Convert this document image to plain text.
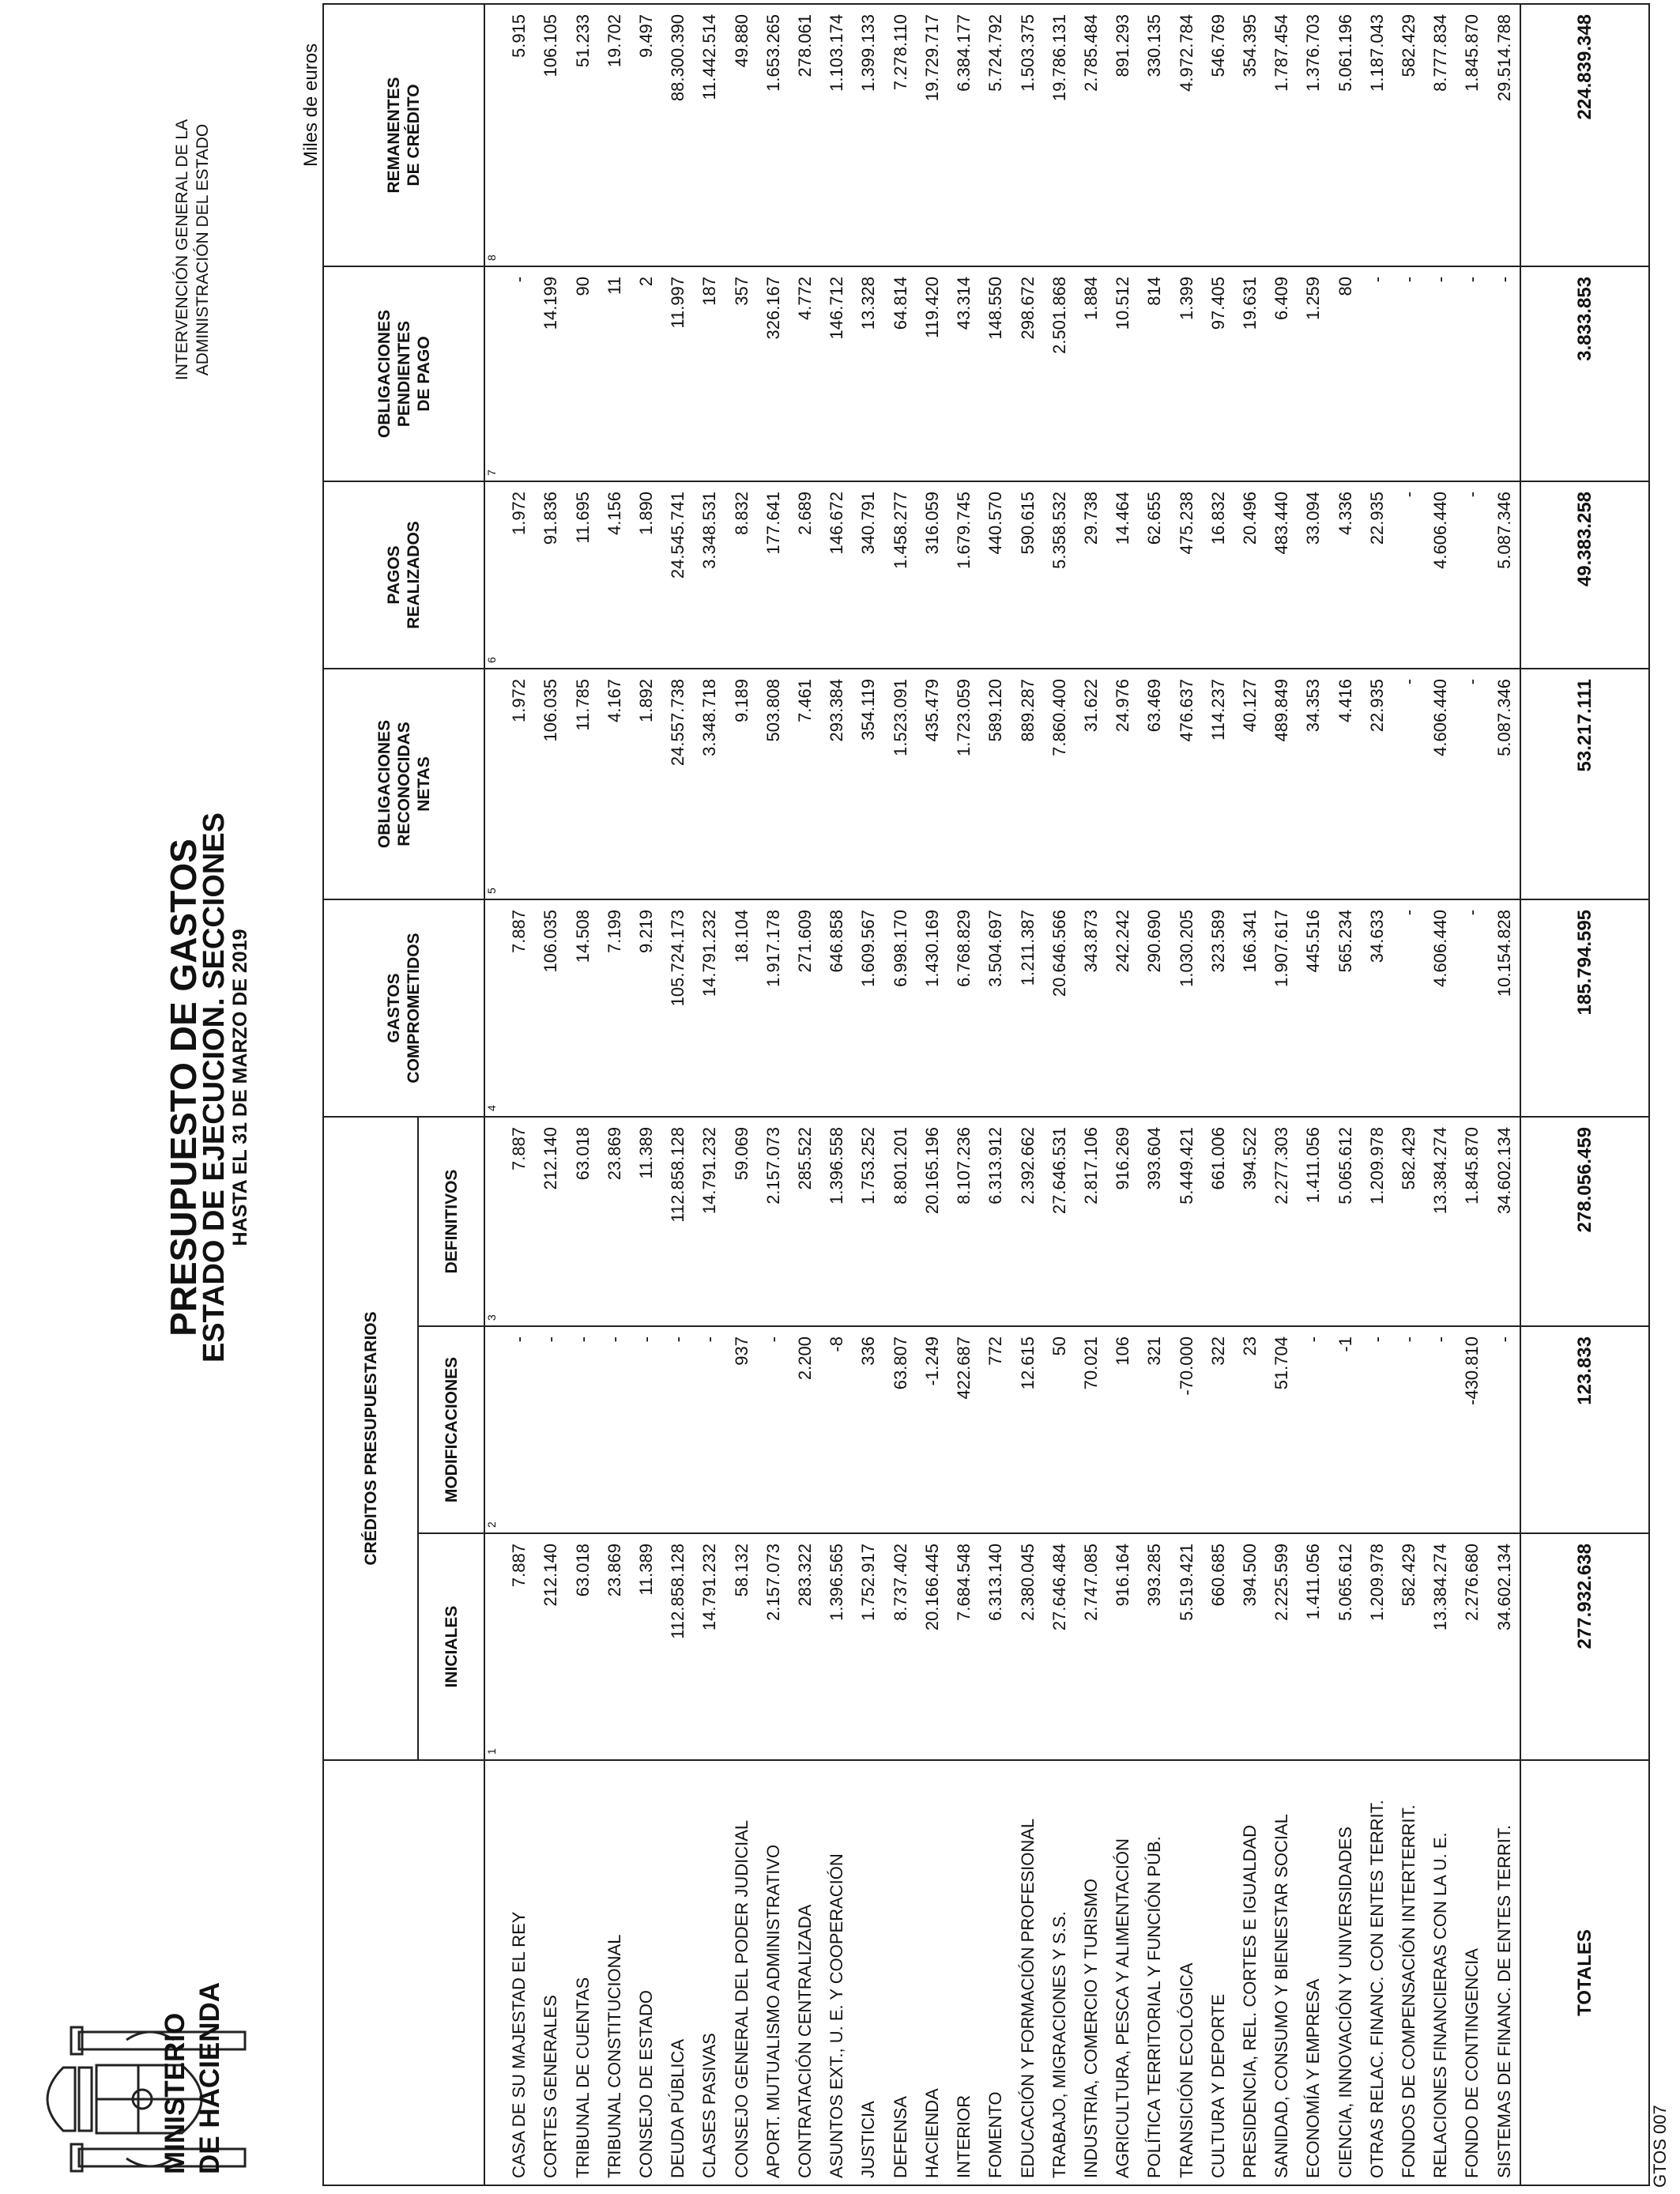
MINISTERIO
DE HACIENDA
PRESUPUESTO DE GASTOS
ESTADO DE EJECUCION. SECCIONES
HASTA EL 31 DE MARZO DE 2019
INTERVENCIÓN GENERAL DE LA
ADMINISTRACIÓN DEL ESTADO	Miles de euros
	CRÉDITOS PRESUPUESTARIOS			GASTOS
COMPROMETIDOS	OBLIGACIONES
RECONOCIDAS
NETAS	PAGOS
REALIZADOS	OBLIGACIONES
PENDIENTES
DE PAGO	REMANENTES
DE CRÉDITO
	INICIALES	MODIFICACIONES	DEFINITIVOS					
	1	2	3	4	5	6	7	8
CASA DE SU MAJESTAD EL REY	7.887	-	7.887	7.887	1.972	1.972	-	5.915
CORTES GENERALES	212.140	-	212.140	106.035	106.035	91.836	14.199	106.105
TRIBUNAL DE CUENTAS	63.018	-	63.018	14.508	11.785	11.695	90	51.233
TRIBUNAL CONSTITUCIONAL	23.869	-	23.869	7.199	4.167	4.156	11	19.702
CONSEJO DE ESTADO	11.389	-	11.389	9.219	1.892	1.890	2	9.497
DEUDA PÚBLICA	112.858.128	-	112.858.128	105.724.173	24.557.738	24.545.741	11.997	88.300.390
CLASES PASIVAS	14.791.232	-	14.791.232	14.791.232	3.348.718	3.348.531	187	11.442.514
CONSEJO GENERAL DEL PODER JUDICIAL	58.132	937	59.069	18.104	9.189	8.832	357	49.880
APORT. MUTUALISMO ADMINISTRATIVO	2.157.073	-	2.157.073	1.917.178	503.808	177.641	326.167	1.653.265
CONTRATACIÓN CENTRALIZADA	283.322	2.200	285.522	271.609	7.461	2.689	4.772	278.061
ASUNTOS EXT., U. E. Y COOPERACIÓN	1.396.565	-8	1.396.558	646.858	293.384	146.672	146.712	1.103.174
JUSTICIA	1.752.917	336	1.753.252	1.609.567	354.119	340.791	13.328	1.399.133
DEFENSA	8.737.402	63.807	8.801.201	6.998.170	1.523.091	1.458.277	64.814	7.278.110
HACIENDA	20.166.445	-1.249	20.165.196	1.430.169	435.479	316.059	119.420	19.729.717
INTERIOR	7.684.548	422.687	8.107.236	6.768.829	1.723.059	1.679.745	43.314	6.384.177
FOMENTO	6.313.140	772	6.313.912	3.504.697	589.120	440.570	148.550	5.724.792
EDUCACIÓN Y FORMACIÓN PROFESIONAL	2.380.045	12.615	2.392.662	1.211.387	889.287	590.615	298.672	1.503.375
TRABAJO, MIGRACIONES Y S.S.	27.646.484	50	27.646.531	20.646.566	7.860.400	5.358.532	2.501.868	19.786.131
INDUSTRIA, COMERCIO Y TURISMO	2.747.085	70.021	2.817.106	343.873	31.622	29.738	1.884	2.785.484
AGRICULTURA, PESCA Y ALIMENTACIÓN	916.164	106	916.269	242.242	24.976	14.464	10.512	891.293
POLÍTICA TERRITORIAL Y FUNCIÓN PÚB.	393.285	321	393.604	290.690	63.469	62.655	814	330.135
TRANSICIÓN ECOLÓGICA	5.519.421	-70.000	5.449.421	1.030.205	476.637	475.238	1.399	4.972.784
CULTURA Y DEPORTE	660.685	322	661.006	323.589	114.237	16.832	97.405	546.769
PRESIDENCIA, REL. CORTES E IGUALDAD	394.500	23	394.522	166.341	40.127	20.496	19.631	354.395
SANIDAD, CONSUMO Y BIENESTAR SOCIAL	2.225.599	51.704	2.277.303	1.907.617	489.849	483.440	6.409	1.787.454
ECONOMÍA Y EMPRESA	1.411.056	-	1.411.056	445.516	34.353	33.094	1.259	1.376.703
CIENCIA, INNOVACIÓN Y UNIVERSIDADES	5.065.612	-1	5.065.612	565.234	4.416	4.336	80	5.061.196
OTRAS RELAC. FINANC. CON ENTES TERRIT.	1.209.978	-	1.209.978	34.633	22.935	22.935	-	1.187.043
FONDOS DE COMPENSACIÓN INTERTERRIT.	582.429	-	582.429	-	-	-	-	582.429
RELACIONES FINANCIERAS CON LA U. E.	13.384.274	-	13.384.274	4.606.440	4.606.440	4.606.440	-	8.777.834
FONDO DE CONTINGENCIA	2.276.680	-430.810	1.845.870	-	-	-	-	1.845.870
SISTEMAS DE FINANC. DE ENTES TERRIT.	34.602.134	-	34.602.134	10.154.828	5.087.346	5.087.346	-	29.514.788
TOTALES	277.932.638	123.833	278.056.459	185.794.595	53.217.111	49.383.258	3.833.853	224.839.348
GTOS 007
